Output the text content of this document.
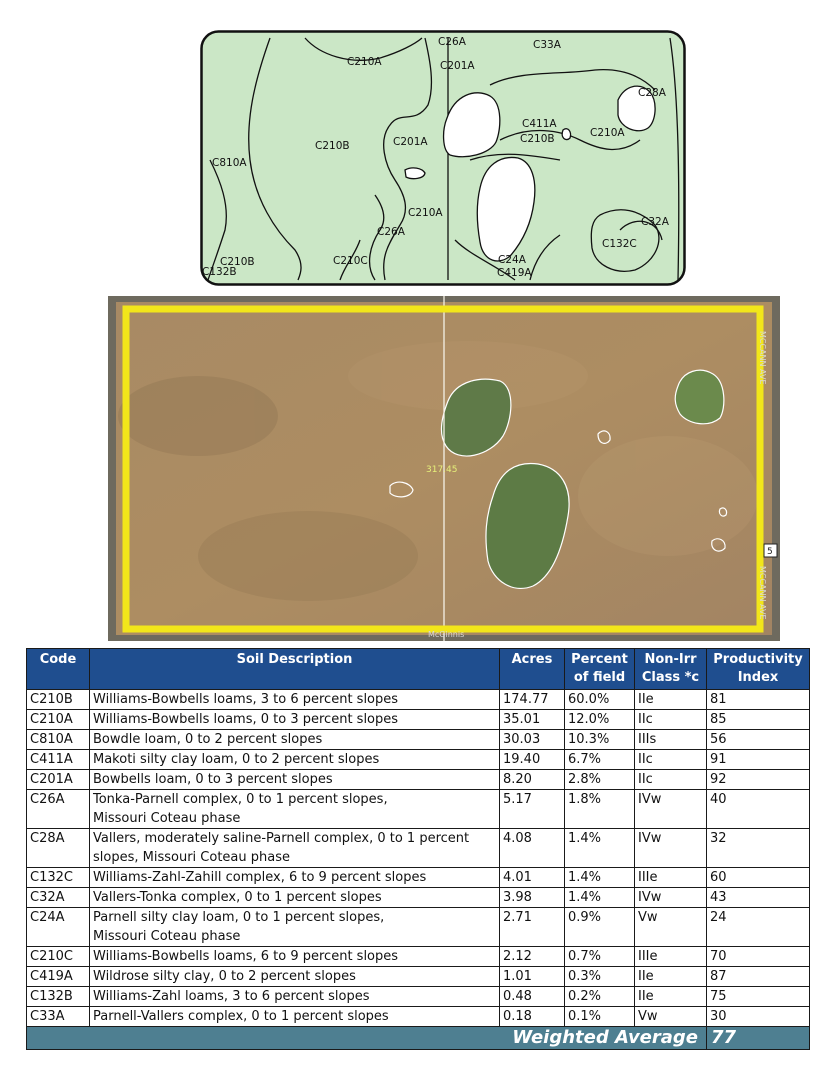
C26A	C33A
C210A	C201A
C28A
C411A
C210B	C210A
C201A
C210B
C810A
C210A
C26A
C32A
C132C
C210B	C210C	C24A
C132B	C419A
317.45
McGinnis
MCCANN AVE
MCCANN AVE
5
Code	Soil Description	Acres	Percent of field	Non-Irr Class *c	Productivity Index
C210B	Williams-Bowbells loams, 3 to 6 percent slopes	174.77	60.0%	IIe	81
C210A	Williams-Bowbells loams, 0 to 3 percent slopes	35.01	12.0%	IIc	85
C810A	Bowdle loam, 0 to 2 percent slopes	30.03	10.3%	IIIs	56
C411A	Makoti silty clay loam, 0 to 2 percent slopes	19.40	6.7%	IIc	91
C201A	Bowbells loam, 0 to 3 percent slopes	8.20	2.8%	IIc	92
C26A	Tonka-Parnell complex, 0 to 1 percent slopes,
Missouri Coteau phase	5.17	1.8%	IVw	40
C28A	Vallers, moderately saline-Parnell complex, 0 to 1 percent
slopes, Missouri Coteau phase	4.08	1.4%	IVw	32
C132C	Williams-Zahl-Zahill complex, 6 to 9 percent slopes	4.01	1.4%	IIIe	60
C32A	Vallers-Tonka complex, 0 to 1 percent slopes	3.98	1.4%	IVw	43
C24A	Parnell silty clay loam, 0 to 1 percent slopes,
Missouri Coteau phase	2.71	0.9%	Vw	24
C210C	Williams-Bowbells loams, 6 to 9 percent slopes	2.12	0.7%	IIIe	70
C419A	Wildrose silty clay, 0 to 2 percent slopes	1.01	0.3%	IIe	87
C132B	Williams-Zahl loams, 3 to 6 percent slopes	0.48	0.2%	IIe	75
C33A	Parnell-Vallers complex, 0 to 1 percent slopes	0.18	0.1%	Vw	30
Weighted Average					77
